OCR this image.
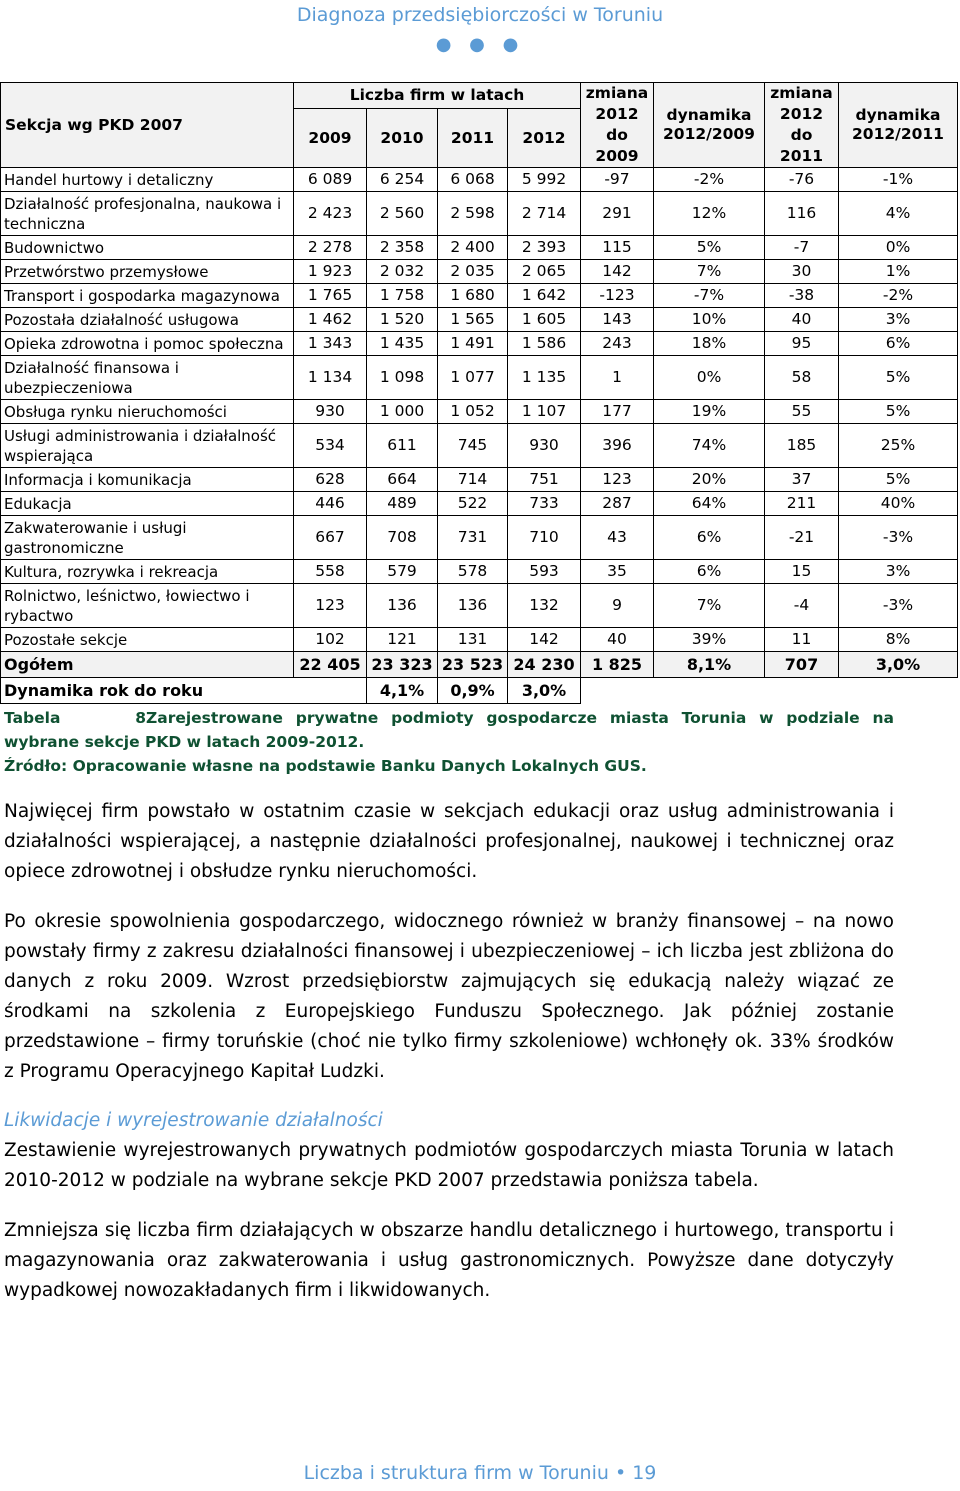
Diagnoza przedsiębiorczości w Toruniu
● ● ●
Sekcja wg PKD 2007	Liczba firm w latach				zmiana 2012 do 2009	dynamika 2012/2009	zmiana 2012 do 2011	dynamika 2012/2011
	2009	2010	2011	2012				
Handel hurtowy i detaliczny	6 089	6 254	6 068	5 992	-97	-2%	-76	-1%
Działalność profesjonalna, naukowa i techniczna	2 423	2 560	2 598	2 714	291	12%	116	4%
Budownictwo	2 278	2 358	2 400	2 393	115	5%	-7	0%
Przetwórstwo przemysłowe	1 923	2 032	2 035	2 065	142	7%	30	1%
Transport i gospodarka magazynowa	1 765	1 758	1 680	1 642	-123	-7%	-38	-2%
Pozostała działalność usługowa	1 462	1 520	1 565	1 605	143	10%	40	3%
Opieka zdrowotna i pomoc społeczna	1 343	1 435	1 491	1 586	243	18%	95	6%
Działalność finansowa i ubezpieczeniowa	1 134	1 098	1 077	1 135	1	0%	58	5%
Obsługa rynku nieruchomości	930	1 000	1 052	1 107	177	19%	55	5%
Usługi administrowania i działalność wspierająca	534	611	745	930	396	74%	185	25%
Informacja i komunikacja	628	664	714	751	123	20%	37	5%
Edukacja	446	489	522	733	287	64%	211	40%
Zakwaterowanie i usługi gastronomiczne	667	708	731	710	43	6%	-21	-3%
Kultura, rozrywka i rekreacja	558	579	578	593	35	6%	15	3%
Rolnictwo, leśnictwo, łowiectwo i rybactwo	123	136	136	132	9	7%	-4	-3%
Pozostałe sekcje	102	121	131	142	40	39%	11	8%
Ogółem	22 405	23 323	23 523	24 230	1 825	8,1%	707	3,0%
Dynamika rok do roku		4,1%	0,9%	3,0%				
Tabela 8Zarejestrowane prywatne podmioty gospodarcze miasta Torunia w podziale na
wybrane sekcje PKD w latach 2009-2012.
Źródło: Opracowanie własne na podstawie Banku Danych Lokalnych GUS.
Najwięcej firm powstało w ostatnim czasie w sekcjach edukacji oraz usług administrowania i działalności wspierającej, a następnie działalności profesjonalnej, naukowej i technicznej oraz opiece zdrowotnej i obsłudze rynku nieruchomości.
Po okresie spowolnienia gospodarczego, widocznego również w branży finansowej – na nowo powstały firmy z zakresu działalności finansowej i ubezpieczeniowej – ich liczba jest zbliżona do danych z roku 2009. Wzrost przedsiębiorstw zajmujących się edukacją należy wiązać ze środkami na szkolenia z Europejskiego Funduszu Społecznego. Jak później zostanie przedstawione – firmy toruńskie (choć nie tylko firmy szkoleniowe) wchłonęły ok. 33% środków z Programu Operacyjnego Kapitał Ludzki.
Likwidacje i wyrejestrowanie działalności
Zestawienie wyrejestrowanych prywatnych podmiotów gospodarczych miasta Torunia w latach 2010-2012 w podziale na wybrane sekcje PKD 2007 przedstawia poniższa tabela.
Zmniejsza się liczba firm działających w obszarze handlu detalicznego i hurtowego, transportu i magazynowania oraz zakwaterowania i usług gastronomicznych. Powyższe dane dotyczyły wypadkowej nowozakładanych firm i likwidowanych.
Liczba i struktura firm w Toruniu • 19
